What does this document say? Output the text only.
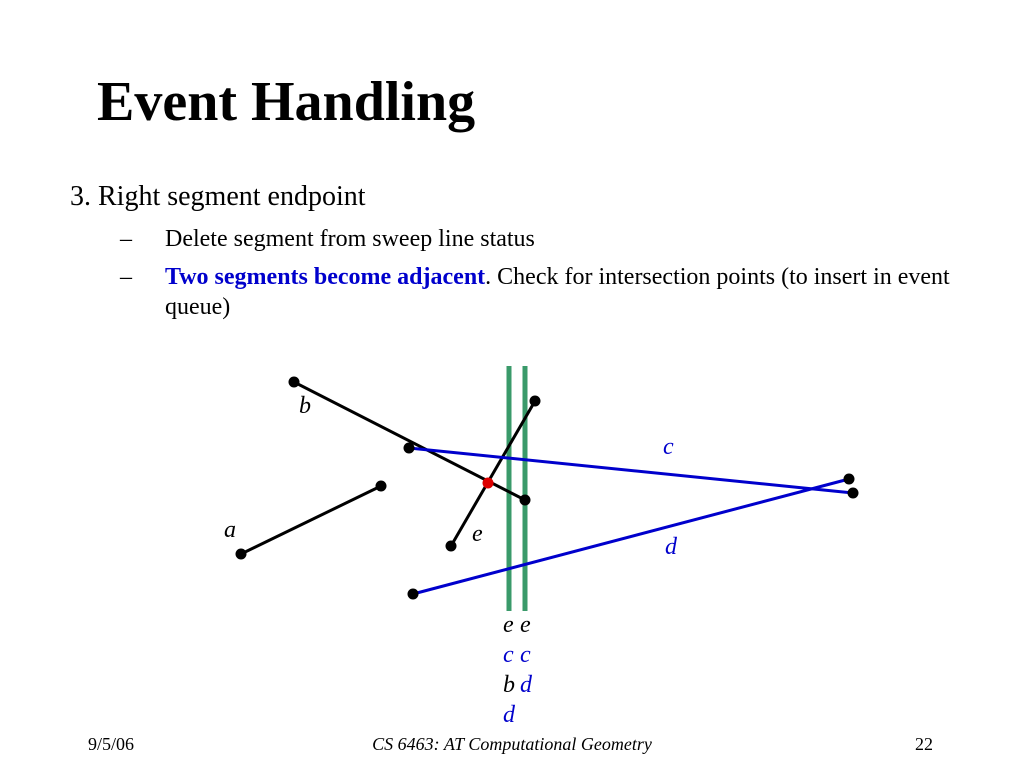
Event Handling
3. Right segment endpoint
– Delete segment from sweep line status
– Two segments become adjacent. Check for intersection points (to insert in event queue)
b
a	e
c
d
e
c
b
d
e
c
d
9/5/06	CS 6463: AT Computational Geometry	22
